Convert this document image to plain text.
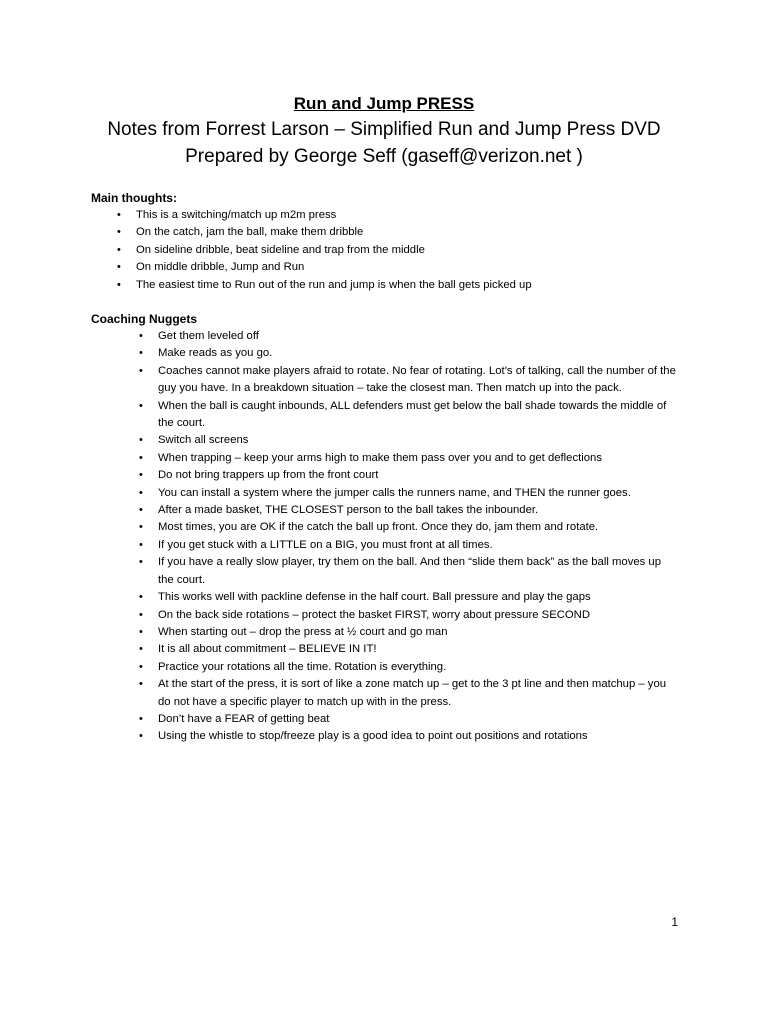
Run and Jump PRESS

Notes from Forrest Larson – Simplified Run and Jump Press DVD

Prepared by George Seff (gaseff@verizon.net )

Main thoughts:

• This is a switching/match up m2m press
• On the catch, jam the ball, make them dribble
• On sideline dribble, beat sideline and trap from the middle
• On middle dribble, Jump and Run
• The easiest time to Run out of the run and jump is when the ball gets picked up

Coaching Nuggets

• Get them leveled off
• Make reads as you go.
• Coaches cannot make players afraid to rotate. No fear of rotating. Lot’s of talking, call the number of the guy you have. In a breakdown situation – take the closest man. Then match up into the pack.
• When the ball is caught inbounds, ALL defenders must get below the ball shade towards the middle of the court.
• Switch all screens
• When trapping – keep your arms high to make them pass over you and to get deflections
• Do not bring trappers up from the front court
• You can install a system where the jumper calls the runners name, and THEN the runner goes.
• After a made basket, THE CLOSEST person to the ball takes the inbounder.
• Most times, you are OK if the catch the ball up front. Once they do, jam them and rotate.
• If you get stuck with a LITTLE on a BIG, you must front at all times.
• If you have a really slow player, try them on the ball. And then “slide them back” as the ball moves up the court.
• This works well with packline defense in the half court. Ball pressure and play the gaps
• On the back side rotations – protect the basket FIRST, worry about pressure SECOND
• When starting out – drop the press at ½ court and go man
• It is all about commitment – BELIEVE IN IT!
• Practice your rotations all the time. Rotation is everything.
• At the start of the press, it is sort of like a zone match up – get to the 3 pt line and then matchup – you do not have a specific player to match up with in the press.
• Don’t have a FEAR of getting beat
• Using the whistle to stop/freeze play is a good idea to point out positions and rotations
1
